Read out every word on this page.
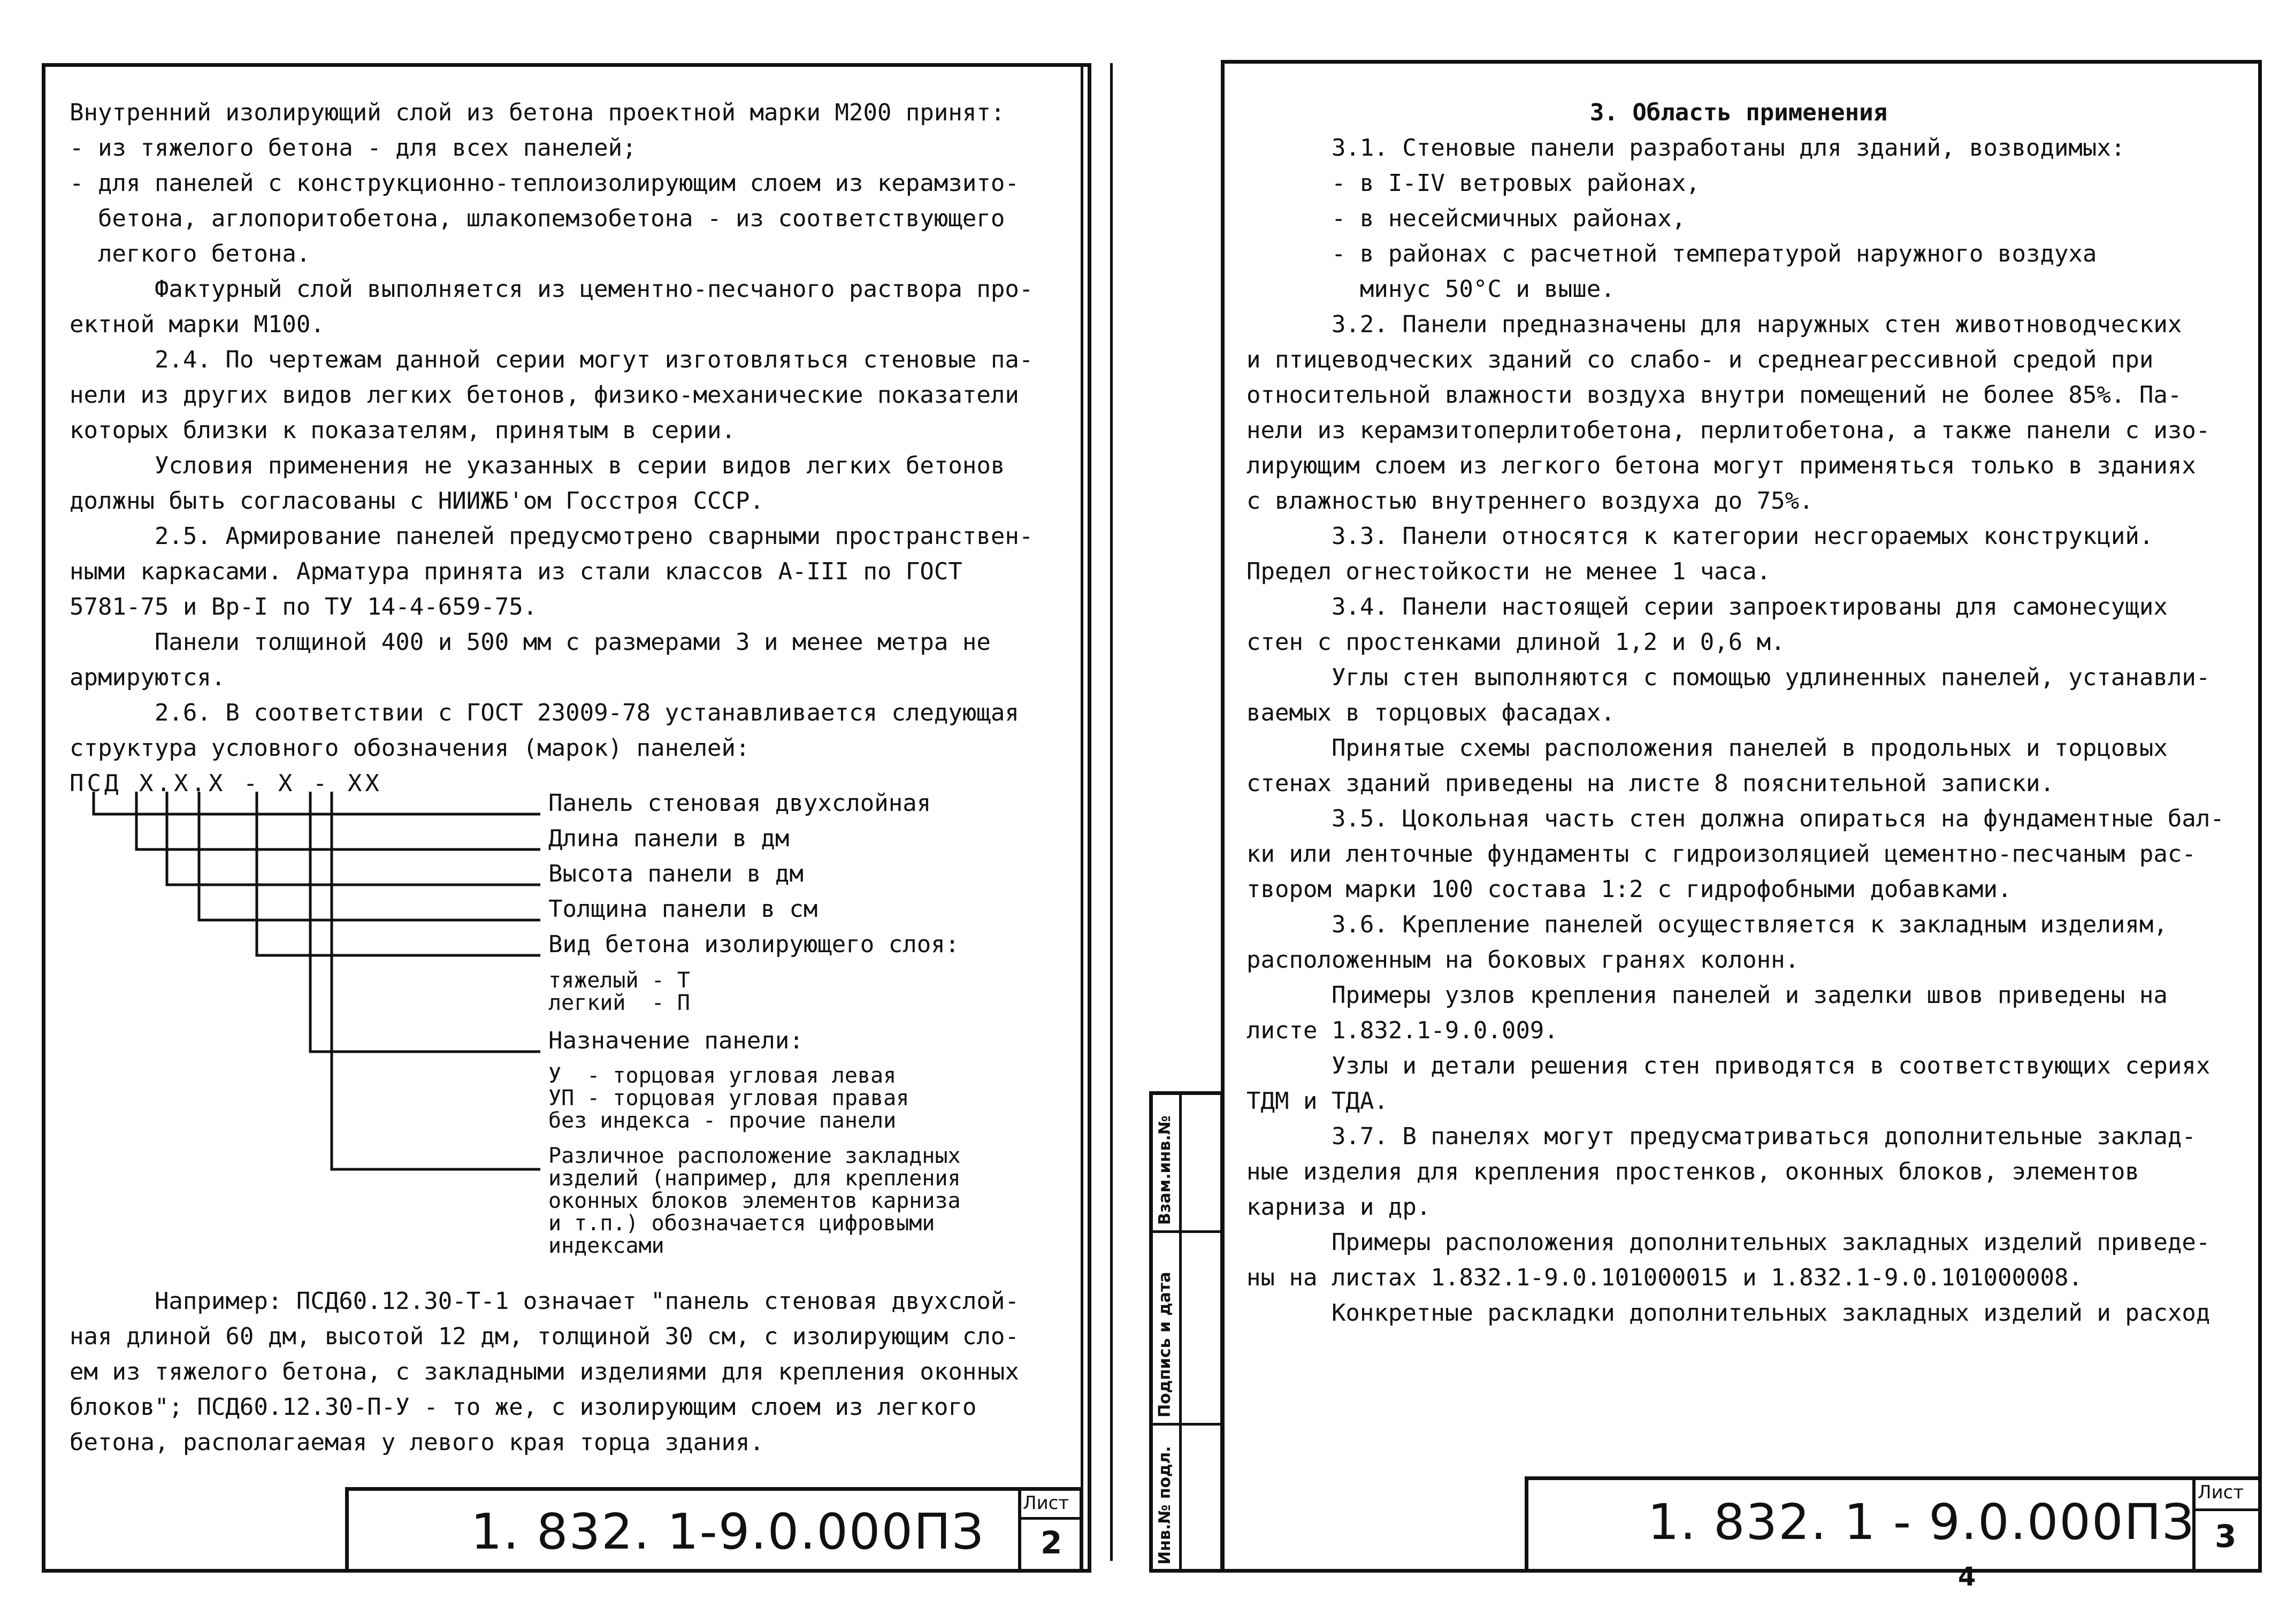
Внутренний изолирующий слой из бетона проектной марки М200 принят:
- из тяжелого бетона - для всех панелей;
- для панелей с конструкционно-теплоизолирующим слоем из керамзито-
бетона, аглопоритобетона, шлакопемзобетона - из соответствующего
легкого бетона.
Фактурный слой выполняется из цементно-песчаного раствора про-
ектной марки М100.
2.4. По чертежам данной серии могут изготовляться стеновые па-
нели из других видов легких бетонов, физико-механические показатели
которых близки к показателям, принятым в серии.
Условия применения не указанных в серии видов легких бетонов
должны быть согласованы с НИИЖБ'ом Госстроя СССР.
2.5. Армирование панелей предусмотрено сварными пространствен-
ными каркасами. Арматура принята из стали классов А-III по ГОСТ
5781-75 и Вр-I по ТУ 14-4-659-75.
Панели толщиной 400 и 500 мм с размерами 3 и менее метра не
армируются.
2.6. В соответствии с ГОСТ 23009-78 устанавливается следующая
структура условного обозначения (марок) панелей:
ПСД Х.Х.Х - Х - ХХ
Панель стеновая двухслойная
Длина панели в дм
Высота панели в дм
Толщина панели в см
Вид бетона изолирующего слоя:
тяжелый - Т
легкий  - П
Назначение панели:
У  - торцовая угловая левая
УП - торцовая угловая правая
без индекса - прочие панели
Различное расположение закладных
изделий (например, для крепления
оконных блоков элементов карниза
и т.п.) обозначается цифровыми
индексами
Например: ПСД60.12.30-Т-1 означает "панель стеновая двухслой-
ная длиной 60 дм, высотой 12 дм, толщиной 30 см, с изолирующим сло-
ем из тяжелого бетона, с закладными изделиями для крепления оконных
блоков"; ПСД60.12.30-П-У - то же, с изолирующим слоем из легкого
бетона, располагаемая у левого края торца здания.
1. 832. 1-9.0.000ПЗ Лист
2
Взам.инв.№
Подпись и дата
Инв.№ подл.
3. Область применения
3.1. Стеновые панели разработаны для зданий, возводимых:
- в I-IV ветровых районах,
- в несейсмичных районах,
- в районах с расчетной температурой наружного воздуха
минус 50°С и выше.
3.2. Панели предназначены для наружных стен животноводческих
и птицеводческих зданий со слабо- и среднеагрессивной средой при
относительной влажности воздуха внутри помещений не более 85%. Па-
нели из керамзитоперлитобетона, перлитобетона, а также панели с изо-
лирующим слоем из легкого бетона могут применяться только в зданиях
с влажностью внутреннего воздуха до 75%.
3.3. Панели относятся к категории несгораемых конструкций.
Предел огнестойкости не менее 1 часа.
3.4. Панели настоящей серии запроектированы для самонесущих
стен с простенками длиной 1,2 и 0,6 м.
Углы стен выполняются с помощью удлиненных панелей, устанавли-
ваемых в торцовых фасадах.
Принятые схемы расположения панелей в продольных и торцовых
стенах зданий приведены на листе 8 пояснительной записки.
3.5. Цокольная часть стен должна опираться на фундаментные бал-
ки или ленточные фундаменты с гидроизоляцией цементно-песчаным рас-
твором марки 100 состава 1:2 с гидрофобными добавками.
3.6. Крепление панелей осуществляется к закладным изделиям,
расположенным на боковых гранях колонн.
Примеры узлов крепления панелей и заделки швов приведены на
листе 1.832.1-9.0.009.
Узлы и детали решения стен приводятся в соответствующих сериях
ТДМ и ТДА.
3.7. В панелях могут предусматриваться дополнительные заклад-
ные изделия для крепления простенков, оконных блоков, элементов
карниза и др.
Примеры расположения дополнительных закладных изделий приведе-
ны на листах 1.832.1-9.0.101000015 и 1.832.1-9.0.101000008.
Конкретные раскладки дополнительных закладных изделий и расход
1. 832. 1 - 9.0.000ПЗ
Лист
3
4
